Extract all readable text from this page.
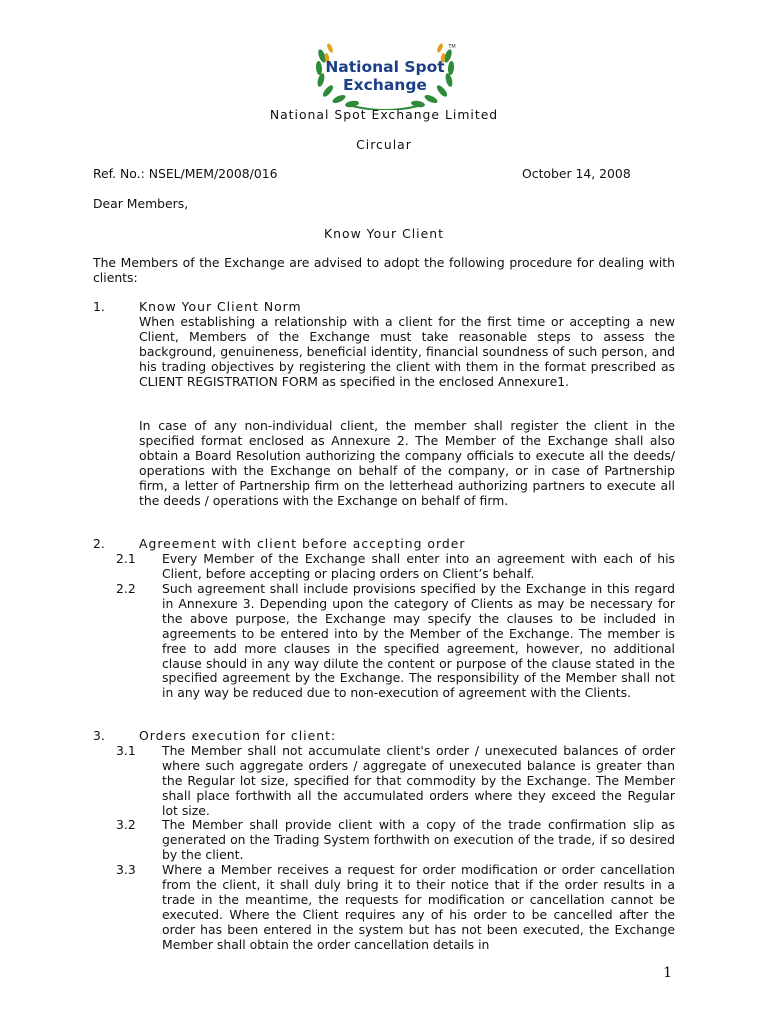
National Spot
Exchange
TM
National Spot Exchange Limited
Circular
Ref. No.: NSEL/MEM/2008/016	October 14, 2008
Dear Members,
Know Your Client

The Members of the Exchange are advised to adopt the following procedure for dealing with clients:

1.	Know Your Client Norm

When establishing a relationship with a client for the first time or accepting a new Client, Members of the Exchange must take reasonable steps to assess the background, genuineness, beneficial identity, financial soundness of such person, and his trading objectives by registering the client with them in the format prescribed as CLIENT REGISTRATION FORM as specified in the enclosed Annexure1.

In case of any non-individual client, the member shall register the client in the specified format enclosed as Annexure 2. The Member of the Exchange shall also obtain a Board Resolution authorizing the company officials to execute all the deeds/ operations with the Exchange on behalf of the company, or in case of Partnership firm, a letter of Partnership firm on the letterhead authorizing partners to execute all the deeds / operations with the Exchange on behalf of firm.

2.	Agreement with client before accepting order
2.1 Every Member of the Exchange shall enter into an agreement with each of his Client, before accepting or placing orders on Client’s behalf.

2.2 Such agreement shall include provisions specified by the Exchange in this regard in Annexure 3. Depending upon the category of Clients as may be necessary for the above purpose, the Exchange may specify the clauses to be included in agreements to be entered into by the Member of the Exchange. The member is free to add more clauses in the specified agreement, however, no additional clause should in any way dilute the content or purpose of the clause stated in the specified agreement by the Exchange. The responsibility of the Member shall not in any way be reduced due to non-execution of agreement with the Clients.

3.	Orders execution for client:
3.1 The Member shall not accumulate client's order / unexecuted balances of order where such aggregate orders / aggregate of unexecuted balance is greater than the Regular lot size, specified for that commodity by the Exchange. The Member shall place forthwith all the accumulated orders where they exceed the Regular lot size.

3.2 The Member shall provide client with a copy of the trade confirmation slip as generated on the Trading System forthwith on execution of the trade, if so desired by the client.

3.3 Where a Member receives a request for order modification or order cancellation from the client, it shall duly bring it to their notice that if the order results in a trade in the meantime, the requests for modification or cancellation cannot be executed. Where the Client requires any of his order to be cancelled after the order has been entered in the system but has not been executed, the Exchange Member shall obtain the order cancellation details in

1
